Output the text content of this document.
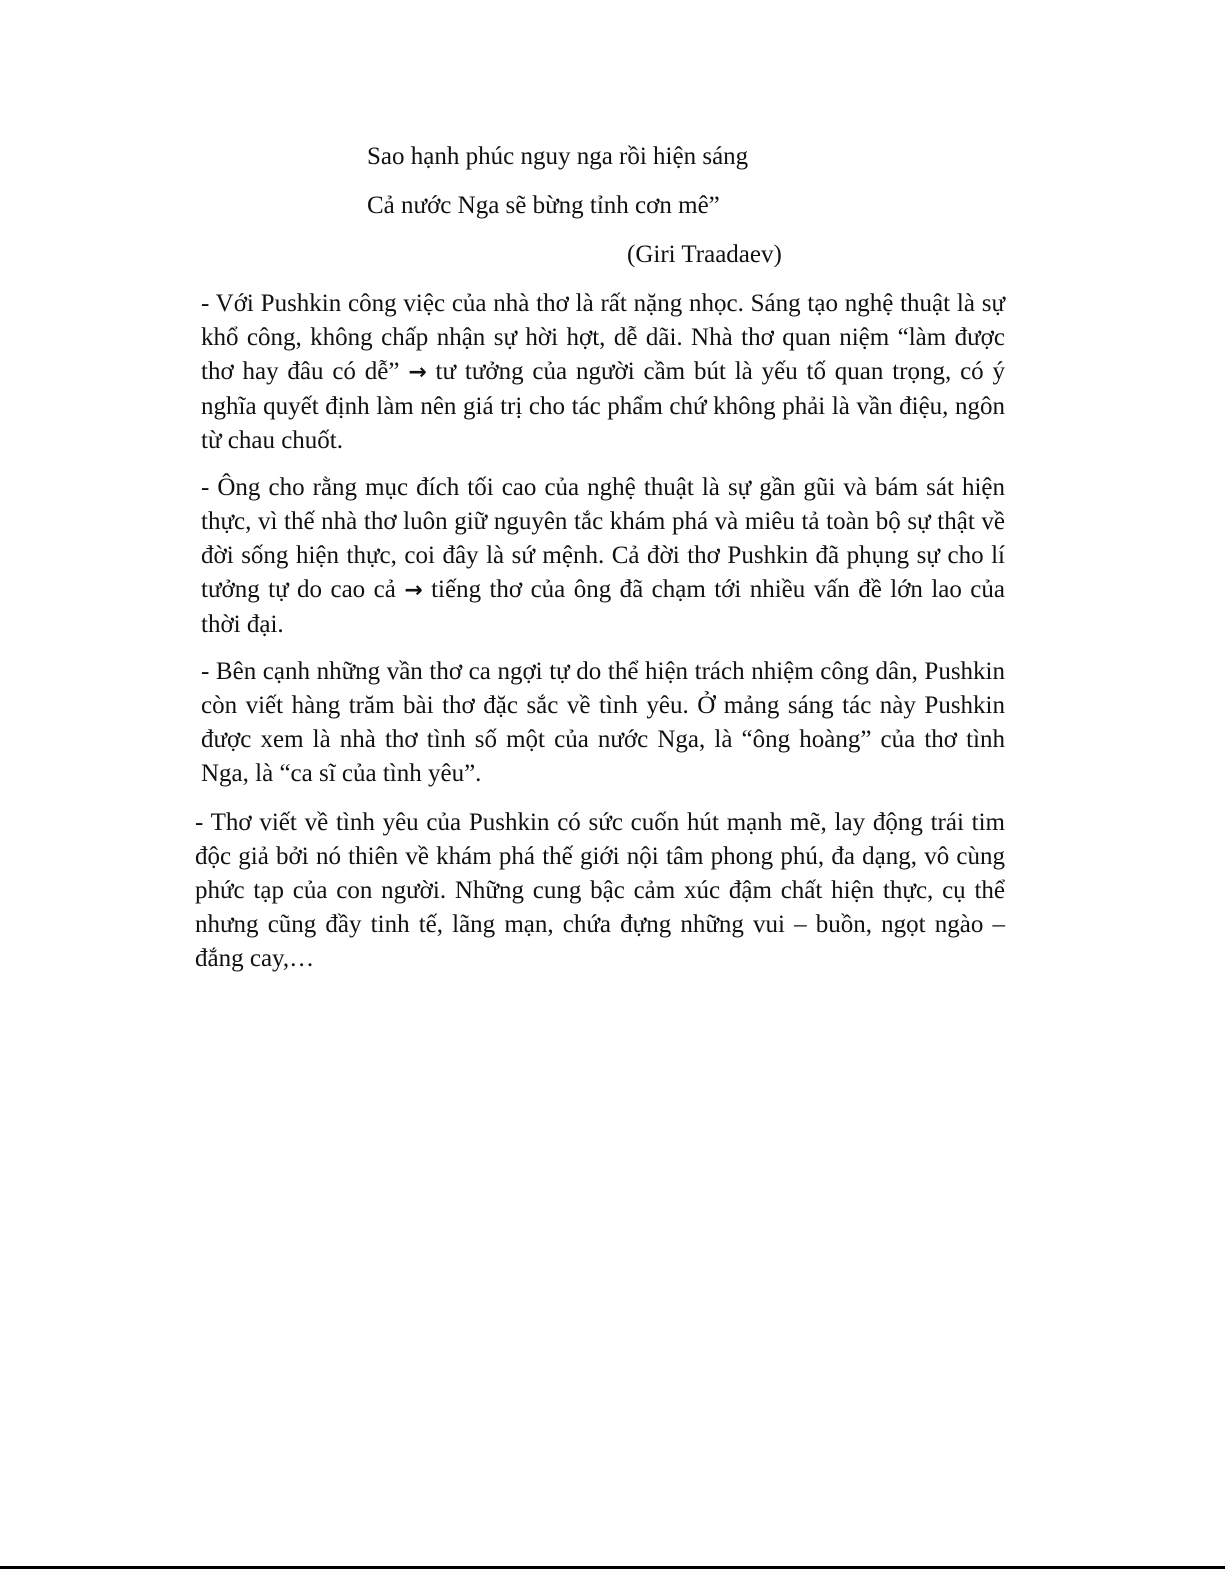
Sao hạnh phúc nguy nga rồi hiện sáng
Cả nước Nga sẽ bừng tỉnh cơn mê”
(Giri Traadaev)

- Với Pushkin công việc của nhà thơ là rất nặng nhọc. Sáng tạo nghệ thuật là sự khổ công, không chấp nhận sự hời hợt, dễ dãi. Nhà thơ quan niệm “làm được thơ hay đâu có dễ” → tư tưởng của người cầm bút là yếu tố quan trọng, có ý nghĩa quyết định làm nên giá trị cho tác phẩm chứ không phải là vần điệu, ngôn từ chau chuốt.

- Ông cho rằng mục đích tối cao của nghệ thuật là sự gần gũi và bám sát hiện thực, vì thế nhà thơ luôn giữ nguyên tắc khám phá và miêu tả toàn bộ sự thật về đời sống hiện thực, coi đây là sứ mệnh. Cả đời thơ Pushkin đã phụng sự cho lí tưởng tự do cao cả → tiếng thơ của ông đã chạm tới nhiều vấn đề lớn lao của thời đại.

- Bên cạnh những vần thơ ca ngợi tự do thể hiện trách nhiệm công dân, Pushkin còn viết hàng trăm bài thơ đặc sắc về tình yêu. Ở mảng sáng tác này Pushkin được xem là nhà thơ tình số một của nước Nga, là “ông hoàng” của thơ tình Nga, là “ca sĩ của tình yêu”.

- Thơ viết về tình yêu của Pushkin có sức cuốn hút mạnh mẽ, lay động trái tim độc giả bởi nó thiên về khám phá thế giới nội tâm phong phú, đa dạng, vô cùng phức tạp của con người. Những cung bậc cảm xúc đậm chất hiện thực, cụ thể nhưng cũng đầy tinh tế, lãng mạn, chứa đựng những vui – buồn, ngọt ngào – đắng cay,…
